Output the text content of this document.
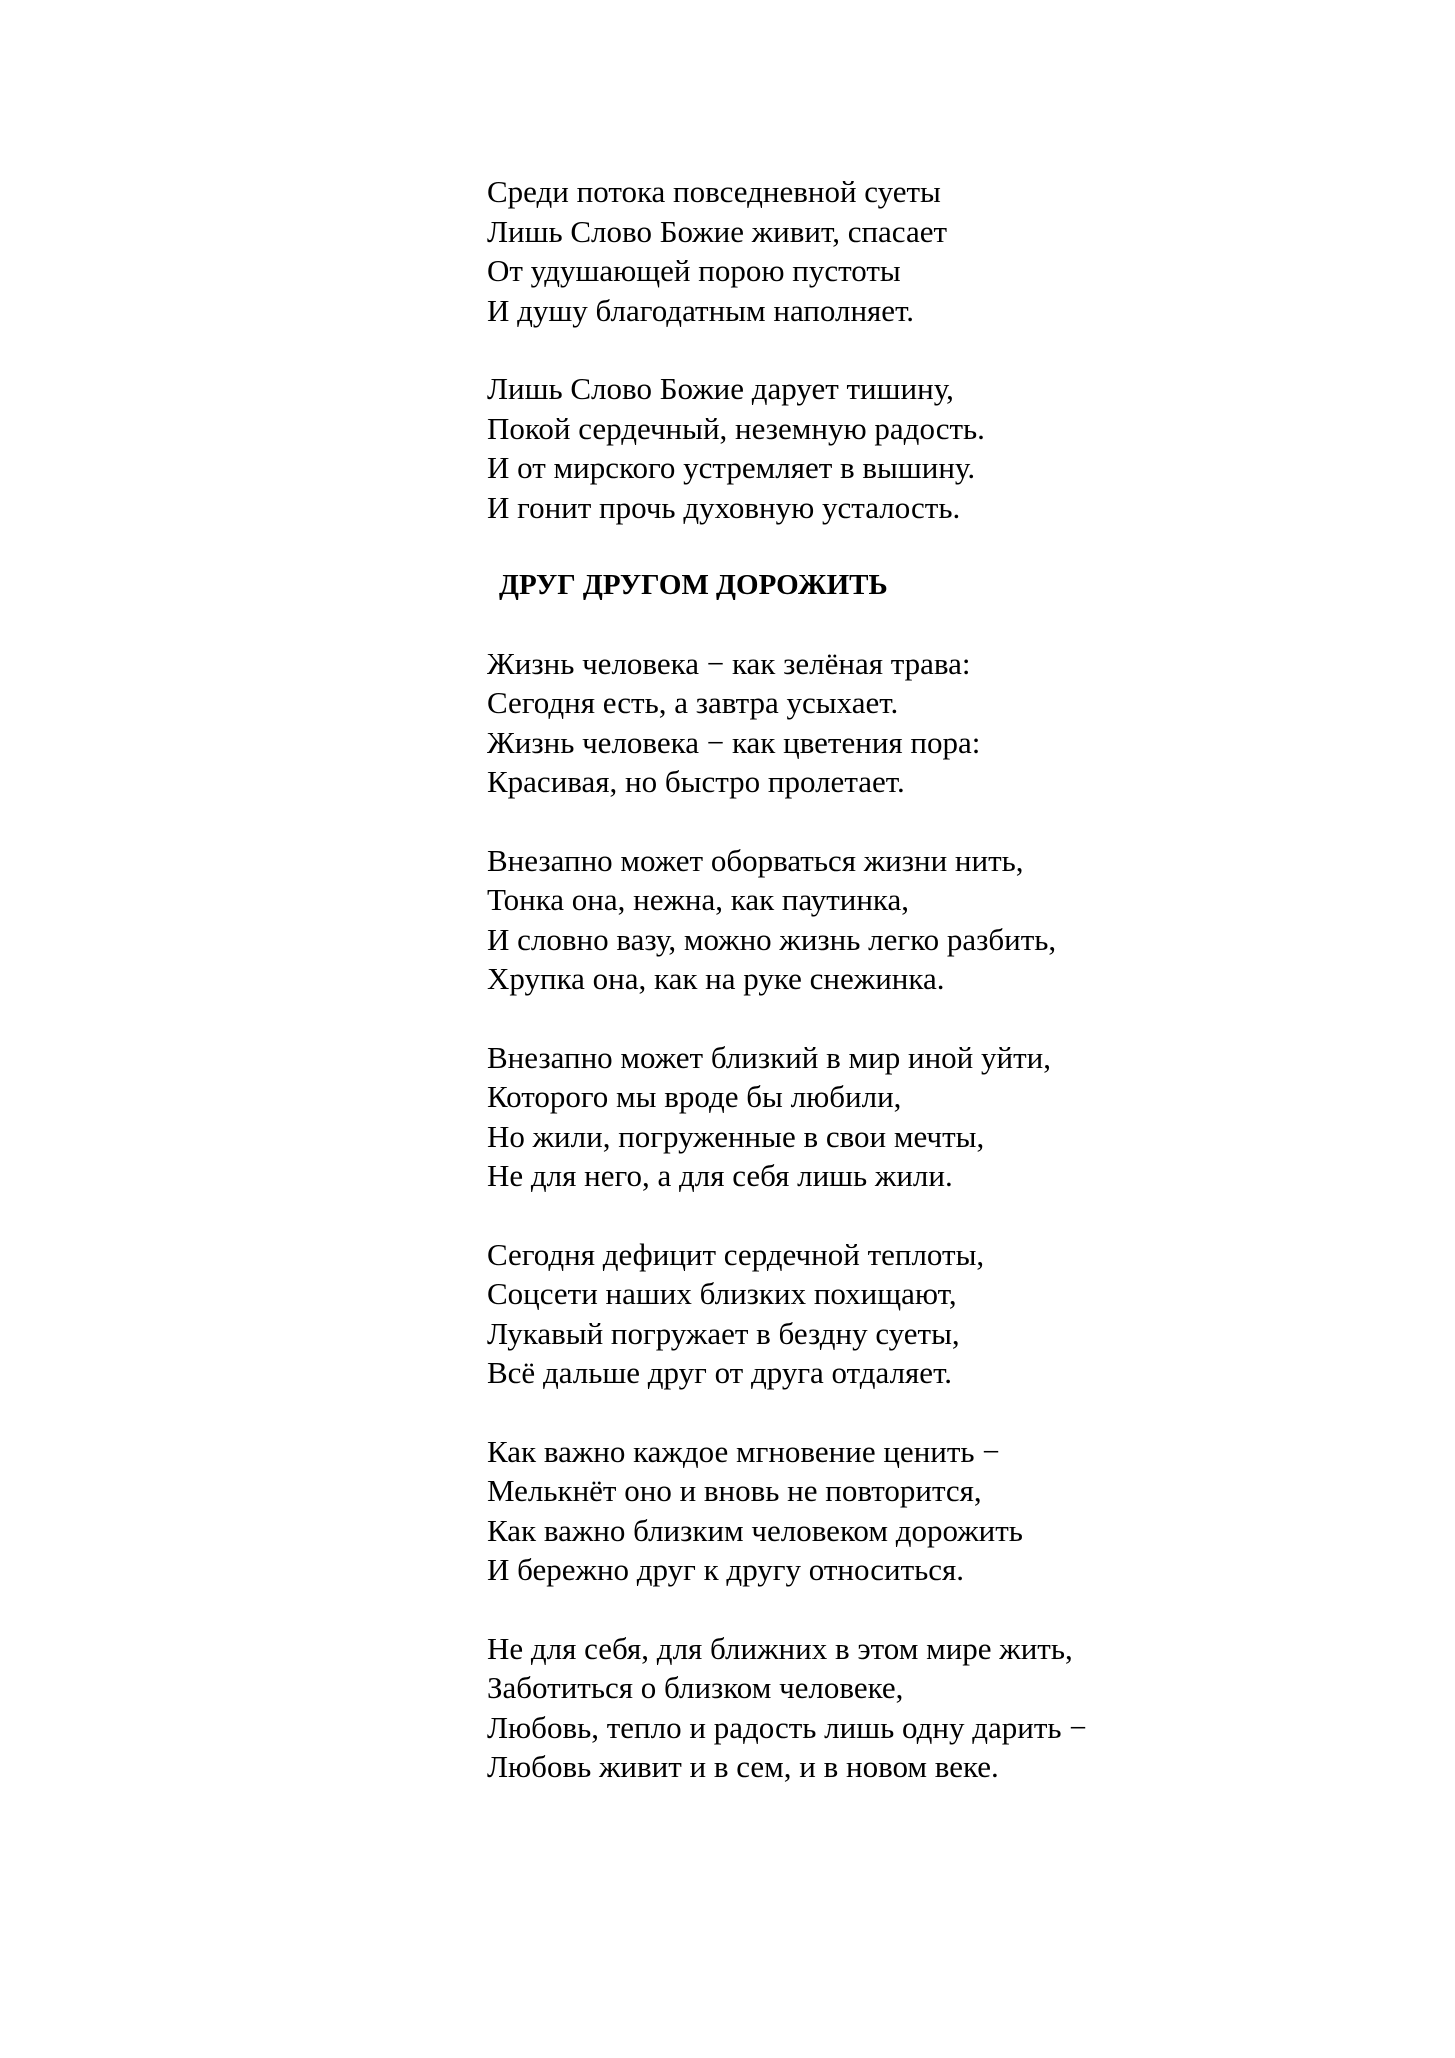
Среди потока повседневной суеты
Лишь Слово Божие живит, спасает
От удушающей порою пустоты
И душу благодатным наполняет.
Лишь Слово Божие дарует тишину,
Покой сердечный, неземную радость.
И от мирского устремляет в вышину.
И гонит прочь духовную усталость.
ДРУГ ДРУГОМ ДОРОЖИТЬ
Жизнь человека − как зелёная трава:
Сегодня есть, а завтра усыхает.
Жизнь человека − как цветения пора:
Красивая, но быстро пролетает.
Внезапно может оборваться жизни нить,
Тонка она, нежна, как паутинка,
И словно вазу, можно жизнь легко разбить,
Хрупка она, как на руке снежинка.
Внезапно может близкий в мир иной уйти,
Которого мы вроде бы любили,
Но жили, погруженные в свои мечты,
Не для него, а для себя лишь жили.
Сегодня дефицит сердечной теплоты,
Соцсети наших близких похищают,
Лукавый погружает в бездну суеты,
Всё дальше друг от друга отдаляет.
Как важно каждое мгновение ценить −
Мелькнёт оно и вновь не повторится,
Как важно близким человеком дорожить
И бережно друг к другу относиться.
Не для себя, для ближних в этом мире жить,
Заботиться о близком человеке,
Любовь, тепло и радость лишь одну дарить −
Любовь живит и в сем, и в новом веке.
